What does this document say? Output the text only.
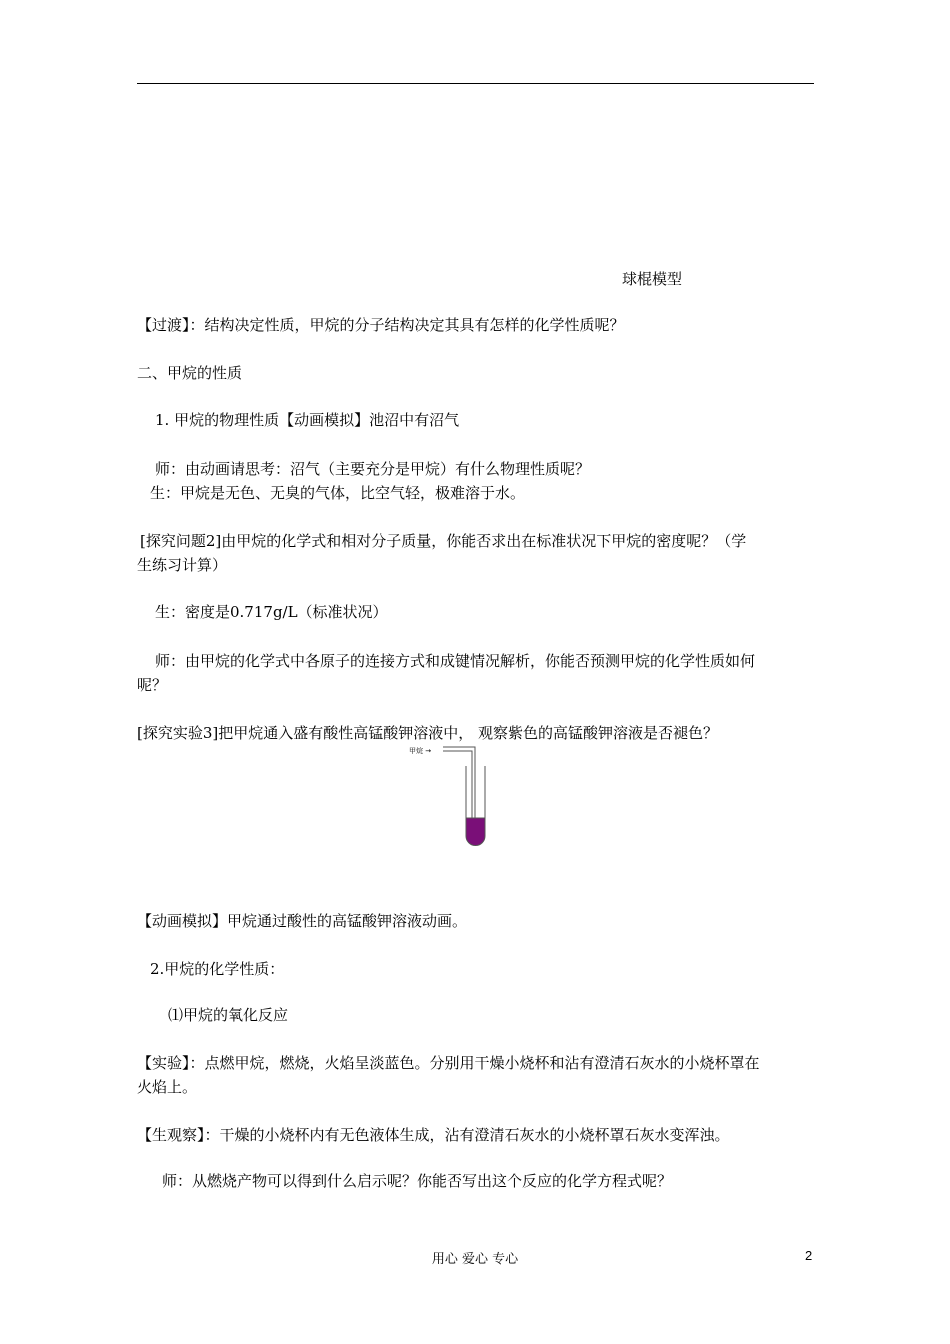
球棍模型
【过渡】：结构决定性质，甲烷的分子结构决定其具有怎样的化学性质呢？
二、甲烷的性质
1. 甲烷的物理性质【动画模拟】池沼中有沼气
师：由动画请思考：沼气（主要充分是甲烷）有什么物理性质呢？
生：甲烷是无色、无臭的气体，比空气轻，极难溶于水。
[探究问题2]由甲烷的化学式和相对分子质量，你能否求出在标准状况下甲烷的密度呢？（学
生练习计算）
生：密度是0.717g/L（标准状况）
师：由甲烷的化学式中各原子的连接方式和成键情况解析，你能否预测甲烷的化学性质如何
呢？
[探究实验3]把甲烷通入盛有酸性高锰酸钾溶液中， 观察紫色的高锰酸钾溶液是否褪色？
甲烷 →
【动画模拟】甲烷通过酸性的高锰酸钾溶液动画。
2.甲烷的化学性质：
⑴甲烷的氧化反应
【实验】：点燃甲烷，燃烧，火焰呈淡蓝色。分别用干燥小烧杯和沾有澄清石灰水的小烧杯罩在
火焰上。
【生观察】：干燥的小烧杯内有无色液体生成，沾有澄清石灰水的小烧杯罩石灰水变浑浊。
师：从燃烧产物可以得到什么启示呢？你能否写出这个反应的化学方程式呢？
用心 爱心 专心	2
